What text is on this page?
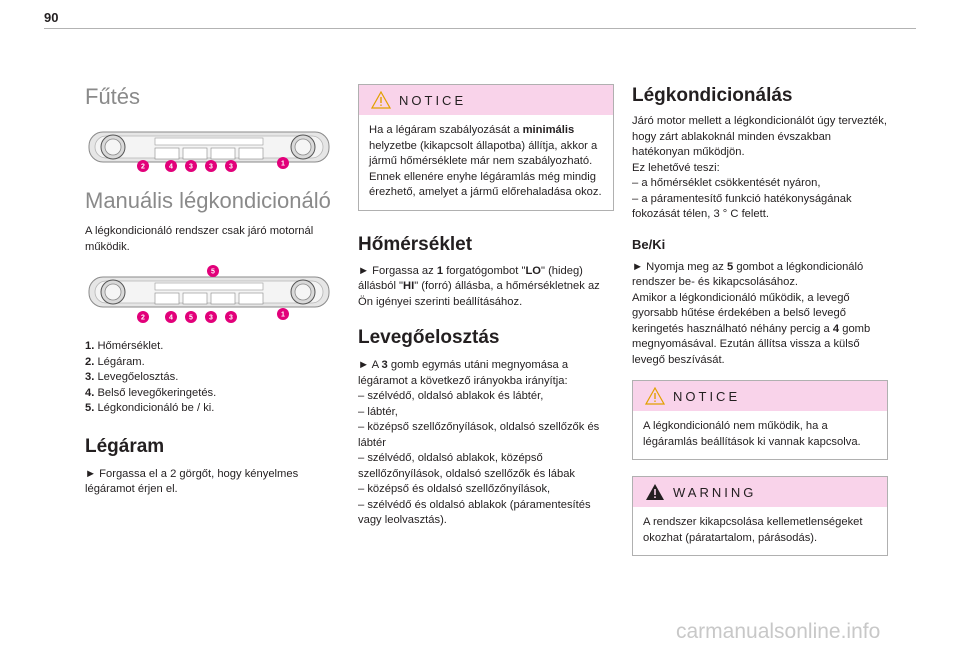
90
Fűtés
2	4 3 3 3	1
Manuális légkondicionáló

A légkondicionáló rendszer csak járó motornál működik.

5
2	4 5 3 3	1
1. Hőmérséklet.
2. Légáram.
3. Levegőelosztás.
4. Belső levegőkeringetés.
5. Légkondicionáló be / ki.
Légáram

► Forgassa el a 2 görgőt, hogy kényelmes légáramot érjen el.

NOTICE

Ha a légáram szabályozását a minimális helyzetbe (kikapcsolt állapotba) állítja, akkor a jármű hőmérséklete már nem szabályozható. Ennek ellenére enyhe légáramlás még mindig érezhető, amelyet a jármű előrehaladása okoz.

Hőmérséklet

► Forgassa az 1 forgatógombot "LO" (hideg) állásból "HI" (forró) állásba, a hőmérsékletnek az Ön igényei szerinti beállításához.

Levegőelosztás

► A 3 gomb egymás utáni megnyomása a légáramot a következő irányokba irányítja:

– szélvédő, oldalsó ablakok és lábtér,

– lábtér,

– középső szellőzőnyílások, oldalsó szellőzők és lábtér

– szélvédő, oldalsó ablakok, középső szellőzőnyílások, oldalsó szellőzők és lábak

– középső és oldalsó szellőzőnyílások,

– szélvédő és oldalsó ablakok (páramentesítés vagy leolvasztás).

Légkondicionálás

Járó motor mellett a légkondicionálót úgy tervezték, hogy zárt ablakoknál minden évszakban hatékonyan működjön.

Ez lehetővé teszi:

– a hőmérséklet csökkentését nyáron,

– a páramentesítő funkció hatékonyságának fokozását télen, 3 ° C felett.

Be/Ki

► Nyomja meg az 5 gombot a légkondicionáló rendszer be- és kikapcsolásához.

Amikor a légkondicionáló működik, a levegő gyorsabb hűtése érdekében a belső levegő keringetés használható néhány percig a 4 gomb megnyomásával. Ezután állítsa vissza a külső levegő beszívását.

NOTICE

A légkondicionáló nem működik, ha a légáramlás beállítások ki vannak kapcsolva.

WARNING

A rendszer kikapcsolása kellemetlenségeket okozhat (páratartalom, párásodás).

carmanualsonline.info
